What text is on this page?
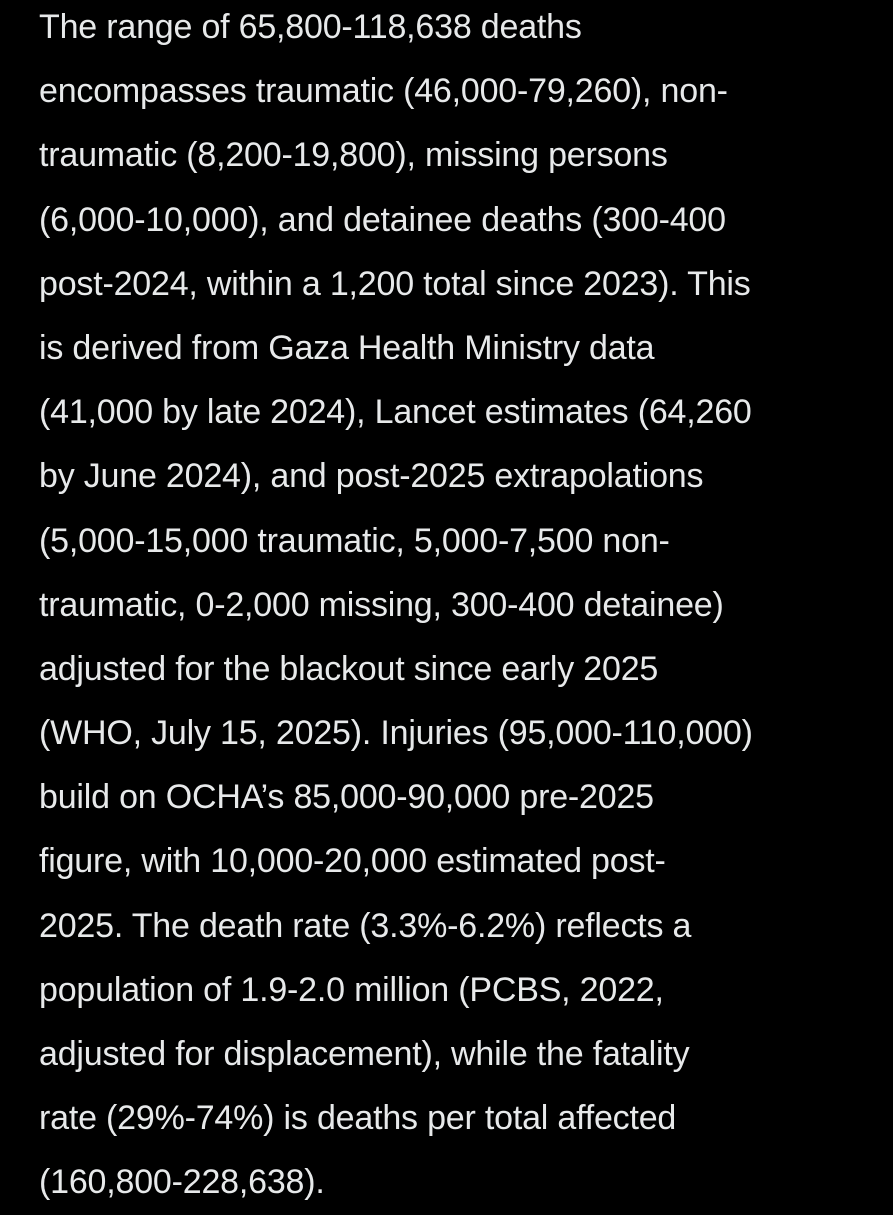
The range of 65,800-118,638 deaths
encompasses traumatic (46,000-79,260), non-
traumatic (8,200-19,800), missing persons
(6,000-10,000), and detainee deaths (300-400
post-2024, within a 1,200 total since 2023). This
is derived from Gaza Health Ministry data
(41,000 by late 2024), Lancet estimates (64,260
by June 2024), and post-2025 extrapolations
(5,000-15,000 traumatic, 5,000-7,500 non-
traumatic, 0-2,000 missing, 300-400 detainee)
adjusted for the blackout since early 2025
(WHO, July 15, 2025). Injuries (95,000-110,000)
build on OCHA’s 85,000-90,000 pre-2025
figure, with 10,000-20,000 estimated post-
2025. The death rate (3.3%-6.2%) reflects a
population of 1.9-2.0 million (PCBS, 2022,
adjusted for displacement), while the fatality
rate (29%-74%) is deaths per total affected
(160,800-228,638).
